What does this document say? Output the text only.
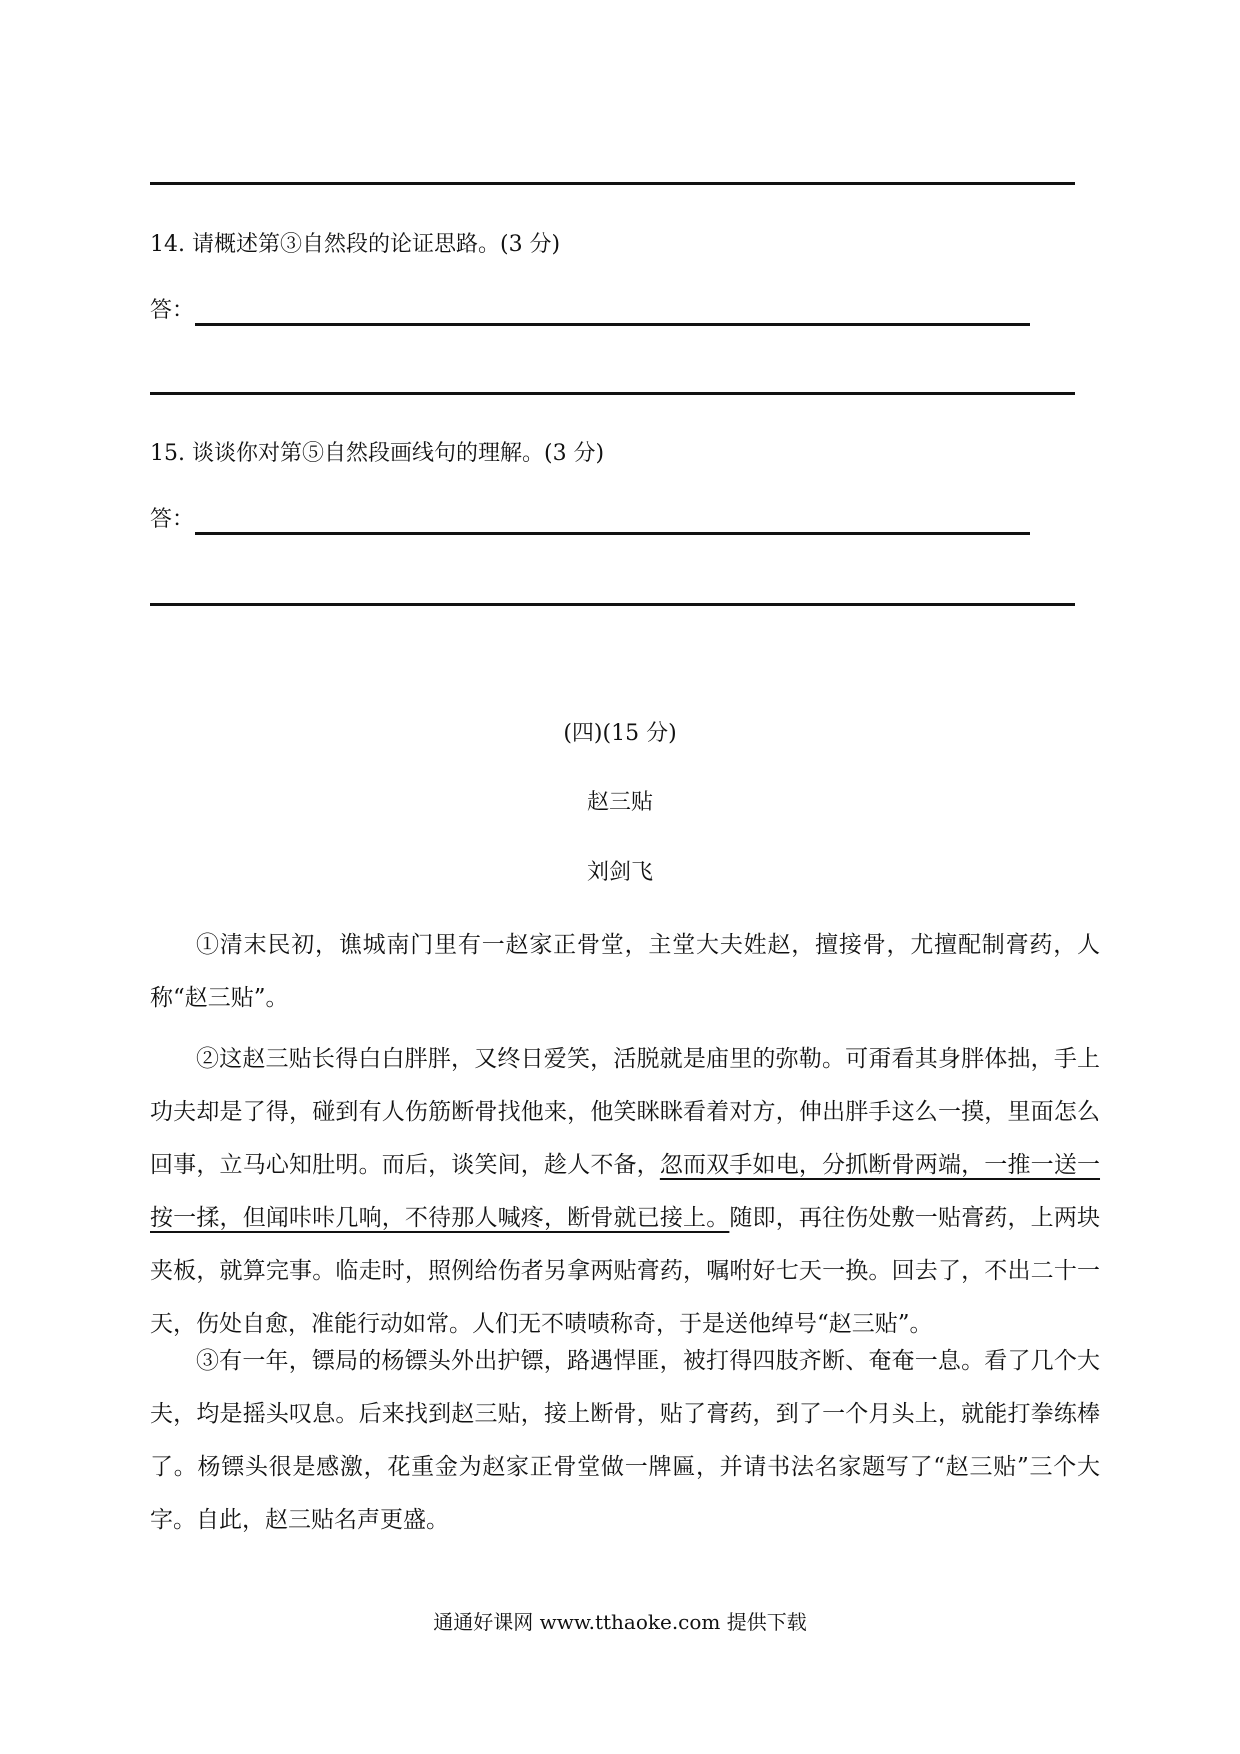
14. 请概述第③自然段的论证思路。(3 分)

答：

15. 谈谈你对第⑤自然段画线句的理解。(3 分)

答：

(四)(15 分)

赵三贴

刘剑飞

①清末民初，谯城南门里有一赵家正骨堂，主堂大夫姓赵，擅接骨，尤擅配制膏药，人称“赵三贴”。

②这赵三贴长得白白胖胖，又终日爱笑，活脱就是庙里的弥勒。可甭看其身胖体拙，手上功夫却是了得，碰到有人伤筋断骨找他来，他笑眯眯看着对方，伸出胖手这么一摸，里面怎么回事，立马心知肚明。而后，谈笑间，趁人不备，忽而双手如电，分抓断骨两端，一推一送一按一揉，但闻咔咔几响，不待那人喊疼，断骨就已接上。随即，再往伤处敷一贴膏药，上两块夹板，就算完事。临走时，照例给伤者另拿两贴膏药，嘱咐好七天一换。回去了，不出二十一天，伤处自愈，准能行动如常。人们无不啧啧称奇，于是送他绰号“赵三贴”。

③有一年，镖局的杨镖头外出护镖，路遇悍匪，被打得四肢齐断、奄奄一息。看了几个大夫，均是摇头叹息。后来找到赵三贴，接上断骨，贴了膏药，到了一个月头上，就能打拳练棒了。杨镖头很是感激，花重金为赵家正骨堂做一牌匾，并请书法名家题写了“赵三贴”三个大字。自此，赵三贴名声更盛。

通通好课网 www.tthaoke.com 提供下载
